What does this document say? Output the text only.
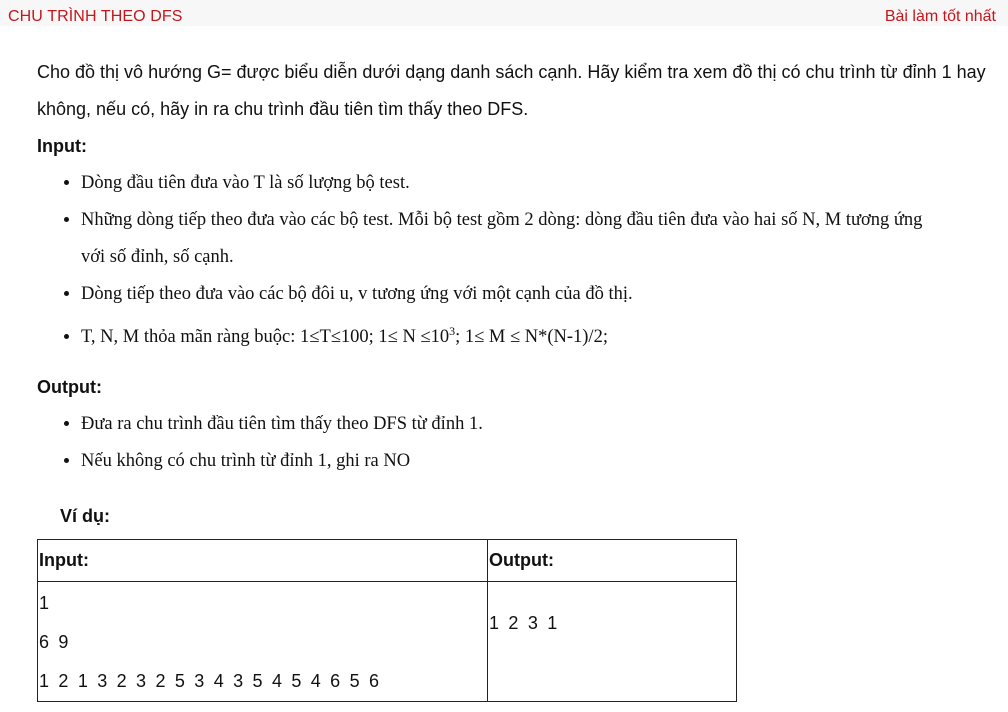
CHU TRÌNH THEO DFS	Bài làm tốt nhất

Cho đồ thị vô hướng G= được biểu diễn dưới dạng danh sách cạnh. Hãy kiểm tra xem đồ thị có chu trình từ đỉnh 1 hay

không, nếu có, hãy in ra chu trình đầu tiên tìm thấy theo DFS.

Input:

• Dòng đầu tiên đưa vào T là số lượng bộ test.
• Những dòng tiếp theo đưa vào các bộ test. Mỗi bộ test gồm 2 dòng: dòng đầu tiên đưa vào hai số N, M tương ứng
với số đỉnh, số cạnh.
• Dòng tiếp theo đưa vào các bộ đôi u, v tương ứng với một cạnh của đồ thị.
• T, N, M thỏa mãn ràng buộc: 1≤T≤100; $1\le N \le 10^3$; 1≤ M ≤ N*(N-1)/2;

Output:

• Đưa ra chu trình đầu tiên tìm thấy theo DFS từ đỉnh 1.
• Nếu không có chu trình từ đỉnh 1, ghi ra NO
Ví dụ:
Input:	Output:

1
6 9
1 2 1 3 2 3 2 5 3 4 3 5 4 5 4 6 5 6	1 2 3 1
